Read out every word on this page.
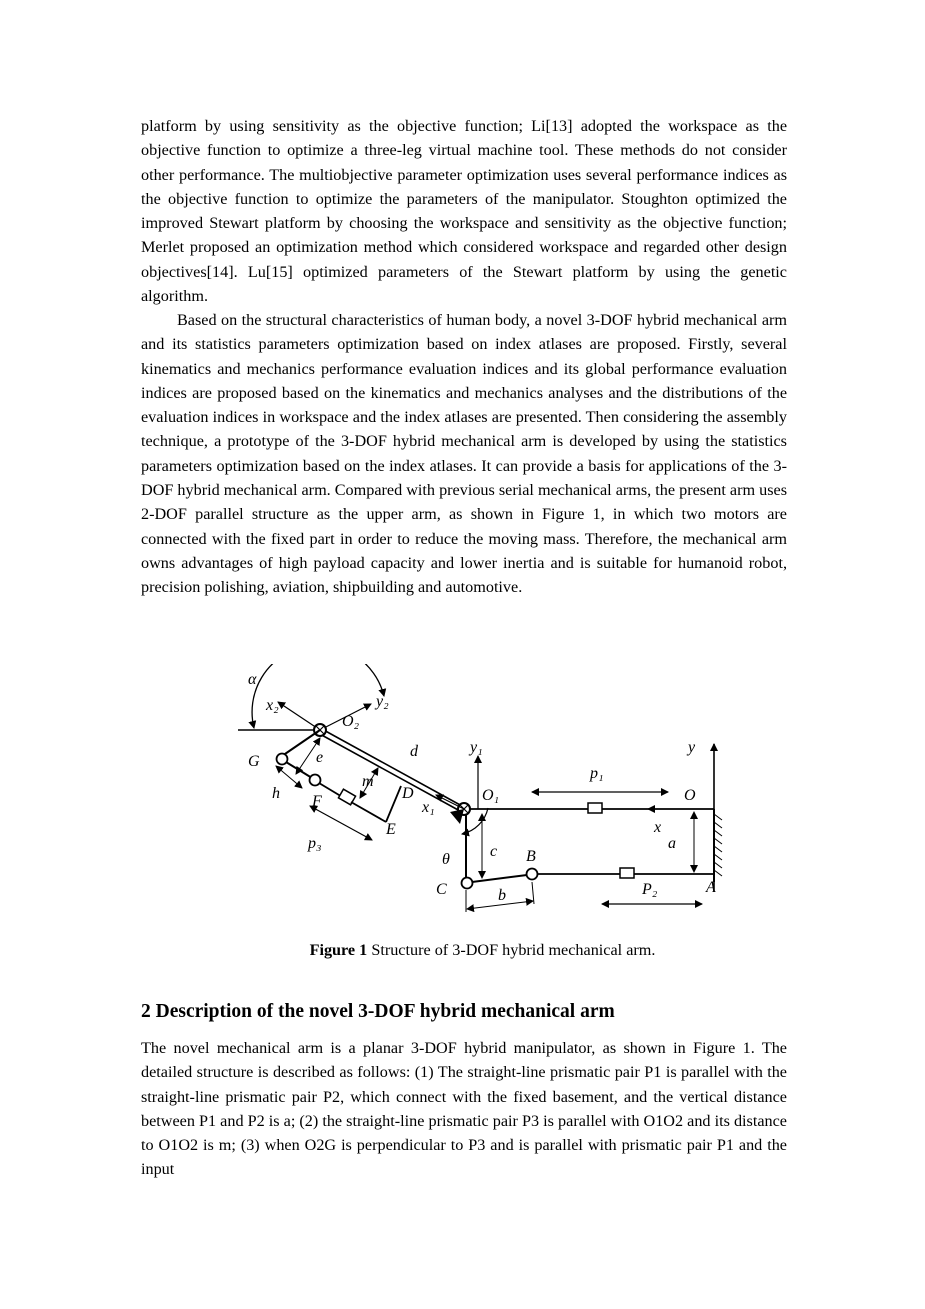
platform by using sensitivity as the objective function; Li[13] adopted the workspace as the objective function to optimize a three-leg virtual machine tool. These methods do not consider other performance. The multiobjective parameter optimization uses several performance indices as the objective function to optimize the parameters of the manipulator. Stoughton optimized the improved Stewart platform by choosing the workspace and sensitivity as the objective function; Merlet proposed an optimization method which considered workspace and regarded other design objectives[14]. Lu[15] optimized parameters of the Stewart platform by using the genetic algorithm.

Based on the structural characteristics of human body, a novel 3-DOF hybrid mechanical arm and its statistics parameters optimization based on index atlases are proposed. Firstly, several kinematics and mechanics performance evaluation indices and its global performance evaluation indices are proposed based on the kinematics and mechanics analyses and the distributions of the evaluation indices in workspace and the index atlases are presented. Then considering the assembly technique, a prototype of the 3-DOF hybrid mechanical arm is developed by using the statistics parameters optimization based on the index atlases. It can provide a basis for applications of the 3-DOF hybrid mechanical arm. Compared with previous serial mechanical arms, the present arm uses 2-DOF parallel structure as the upper arm, as shown in Figure 1, in which two motors are connected with the fixed part in order to reduce the moving mass. Therefore, the mechanical arm owns advantages of high payload capacity and lower inertia and is suitable for humanoid robot, precision polishing, aviation, shipbuilding and automotive.

α
x₂	y₂
O₂
G	e	d	y₁	y
p₁
m
D	O₁	O
h F	x₁
x
E
p₃	c B
a
θ
C	P₂	A
b
Figure 1 Structure of 3-DOF hybrid mechanical arm.
2 Description of the novel 3-DOF hybrid mechanical arm

The novel mechanical arm is a planar 3-DOF hybrid manipulator, as shown in Figure 1. The detailed structure is described as follows: (1) The straight-line prismatic pair P1 is parallel with the straight-line prismatic pair P2, which connect with the fixed basement, and the vertical distance between P1 and P2 is a; (2) the straight-line prismatic pair P3 is parallel with O1O2 and its distance to O1O2 is m; (3) when O2G is perpendicular to P3 and is parallel with prismatic pair P1 and the input
